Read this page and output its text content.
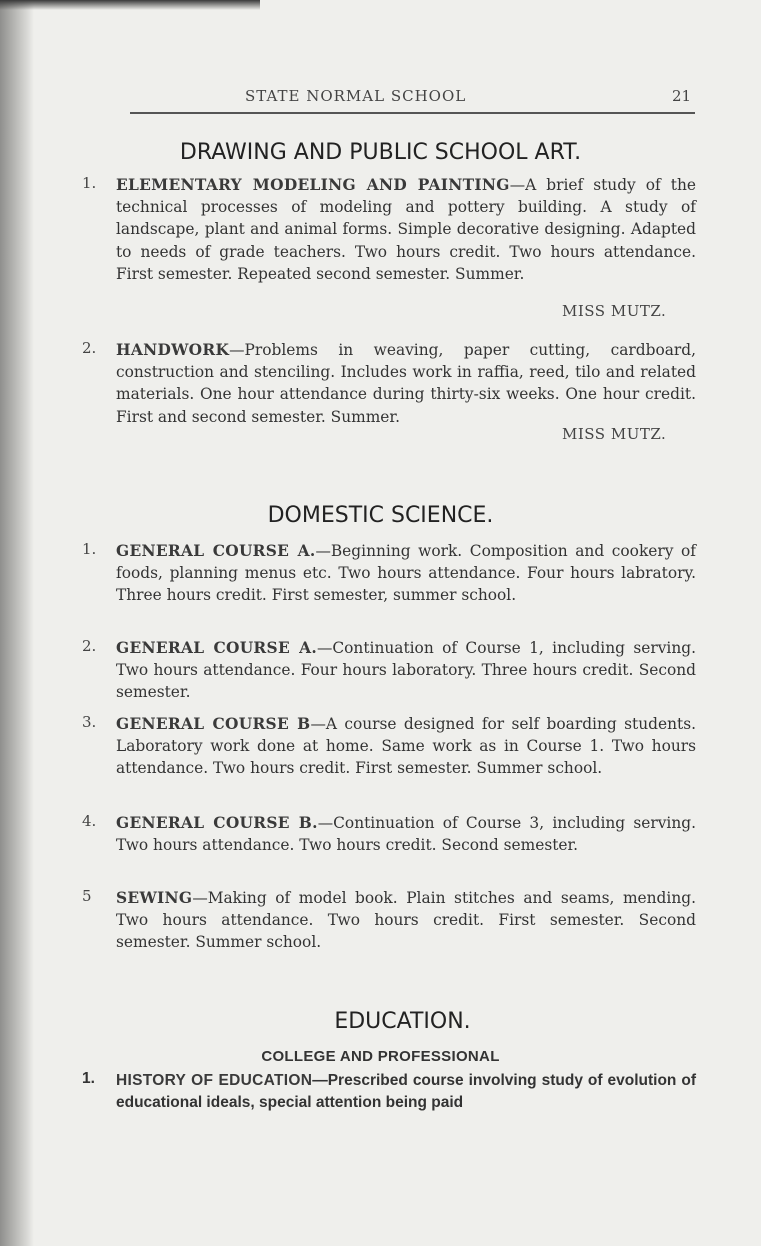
STATE NORMAL SCHOOL	21
DRAWING AND PUBLIC SCHOOL ART.
1. ELEMENTARY MODELING AND PAINTING—A brief study of the technical processes of modeling and pottery building. A study of landscape, plant and animal forms. Simple decorative designing. Adapted to needs of grade teachers. Two hours credit. Two hours attendance. First semester. Repeated second semester. Summer.
MISS MUTZ.
2. HANDWORK—Problems in weaving, paper cutting, cardboard, construction and stenciling. Includes work in raffia, reed, tilo and related materials. One hour attendance during thirty-six weeks. One hour credit. First and second semester. Summer.
MISS MUTZ.
DOMESTIC SCIENCE.
1. GENERAL COURSE A.—Beginning work. Composition and cookery of foods, planning menus etc. Two hours attendance. Four hours labratory. Three hours credit. First semester, summer school.
2. GENERAL COURSE A.—Continuation of Course 1, including serving. Two hours attendance. Four hours laboratory. Three hours credit. Second semester.
3. GENERAL COURSE B—A course designed for self boarding students. Laboratory work done at home. Same work as in Course 1. Two hours attendance. Two hours credit. First semester. Summer school.
4. GENERAL COURSE B.—Continuation of Course 3, including serving. Two hours attendance. Two hours credit. Second semester.
5 SEWING—Making of model book. Plain stitches and seams, mending. Two hours attendance. Two hours credit. First semester. Second semester. Summer school.
EDUCATION.
COLLEGE AND PROFESSIONAL
1. HISTORY OF EDUCATION—Prescribed course involving study of evolution of educational ideals, special attention being paid
